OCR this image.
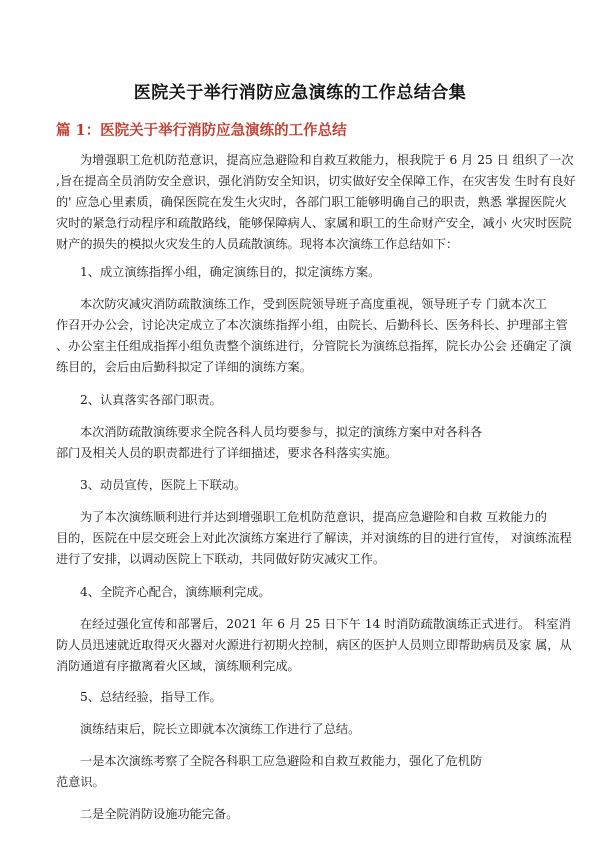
医院关于举行消防应急演练的工作总结合集
篇 1：医院关于举行消防应急演练的工作总结
为增强职工危机防范意识，提高应急避险和自救互救能力，根我院于 6 月 25 日 组织了一次
,旨在提高全员消防安全意识，强化消防安全知识，切实做好安全保障工作，在灾害发 生时有良好
的' 应急心里素质，确保医院在发生火灾时，各部门职工能够明确自己的职责，熟悉 掌握医院火
灾时的紧急行动程序和疏散路线，能够保障病人、家属和职工的生命财产安全，减小 火灾时医院
财产的损失的模拟火灾发生的人员疏散演练。现将本次演练工作总结如下：
1、成立演练指挥小组，确定演练目的，拟定演练方案。
本次防灾减灾消防疏散演练工作，受到医院领导班子高度重视，领导班子专 门就本次工
作召开办公会，讨论决定成立了本次演练指挥小组，由院长、后勤科长、医务科长、护理部主管
、办公室主任组成指挥小组负责整个演练进行，分管院长为演练总指挥，院长办公会 还确定了演
练目的，会后由后勤科拟定了详细的演练方案。
2、认真落实各部门职责。
本次消防疏散演练要求全院各科人员均要参与，拟定的演练方案中对各科各
部门及相关人员的职责都进行了详细描述，要求各科落实实施。
3、动员宣传，医院上下联动。
为了本次演练顺利进行并达到增强职工危机防范意识，提高应急避险和自救 互救能力的
目的，医院在中层交班会上对此次演练方案进行了解读，并对演练的目的进行宣传， 对演练流程
进行了安排，以调动医院上下联动，共同做好防灾减灾工作。
4、全院齐心配合，演练顺利完成。
在经过强化宣传和部署后，2021 年 6 月 25 日下午 14 时消防疏散演练正式进行。 科室消
防人员迅速就近取得灭火器对火源进行初期火控制，病区的医护人员则立即帮助病员及家 属，从
消防通道有序撤离着火区域，演练顺利完成。
5、总结经验，指导工作。
演练结束后，院长立即就本次演练工作进行了总结。
一是本次演练考察了全院各科职工应急避险和自救互救能力，强化了危机防
范意识。
二是全院消防设施功能完备。
